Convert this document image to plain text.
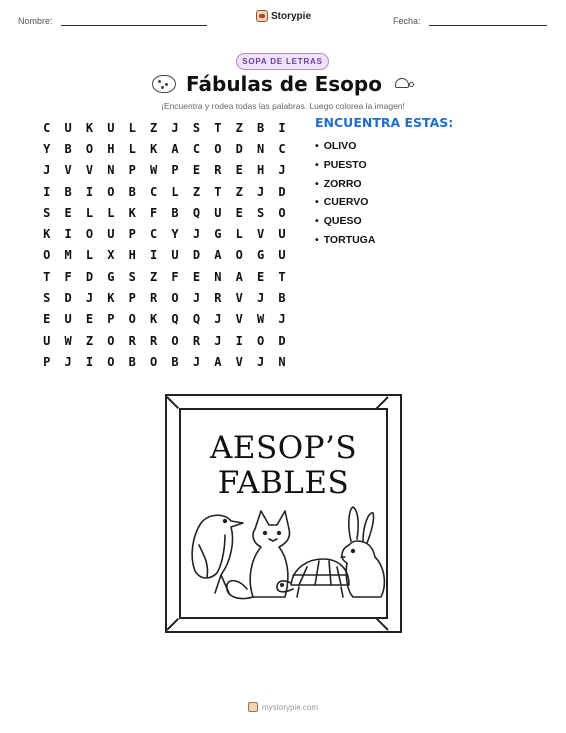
Nombre:	Storypie	Fecha:
SOPA DE LETRAS
Fábulas de Esopo
¡Encuentra y rodea todas las palabras. Luego colorea la imagen!
C	U	K	U	L	Z	J	S	T	Z	B	I
Y	B	O	H	L	K	A	C	O	D	N	C
J	V	V	N	P	W	P	E	R	E	H	J
I	B	I	O	B	C	L	Z	T	Z	J	D
S	E	L	L	K	F	B	Q	U	E	S	O
K	I	O	U	P	C	Y	J	G	L	V	U
O	M	L	X	H	I	U	D	A	O	G	U
T	F	D	G	S	Z	F	E	N	A	E	T
S	D	J	K	P	R	O	J	R	V	J	B
E	U	E	P	O	K	Q	Q	J	V	W	J
U	W	Z	O	R	R	O	R	J	I	O	D
P	J	I	O	B	O	B	J	A	V	J	N
ENCUENTRA ESTAS:
• OLIVO
• PUESTO
• ZORRO
• CUERVO
• QUESO
• TORTUGA
AESOP’S
FABLES
mystorypie.com
